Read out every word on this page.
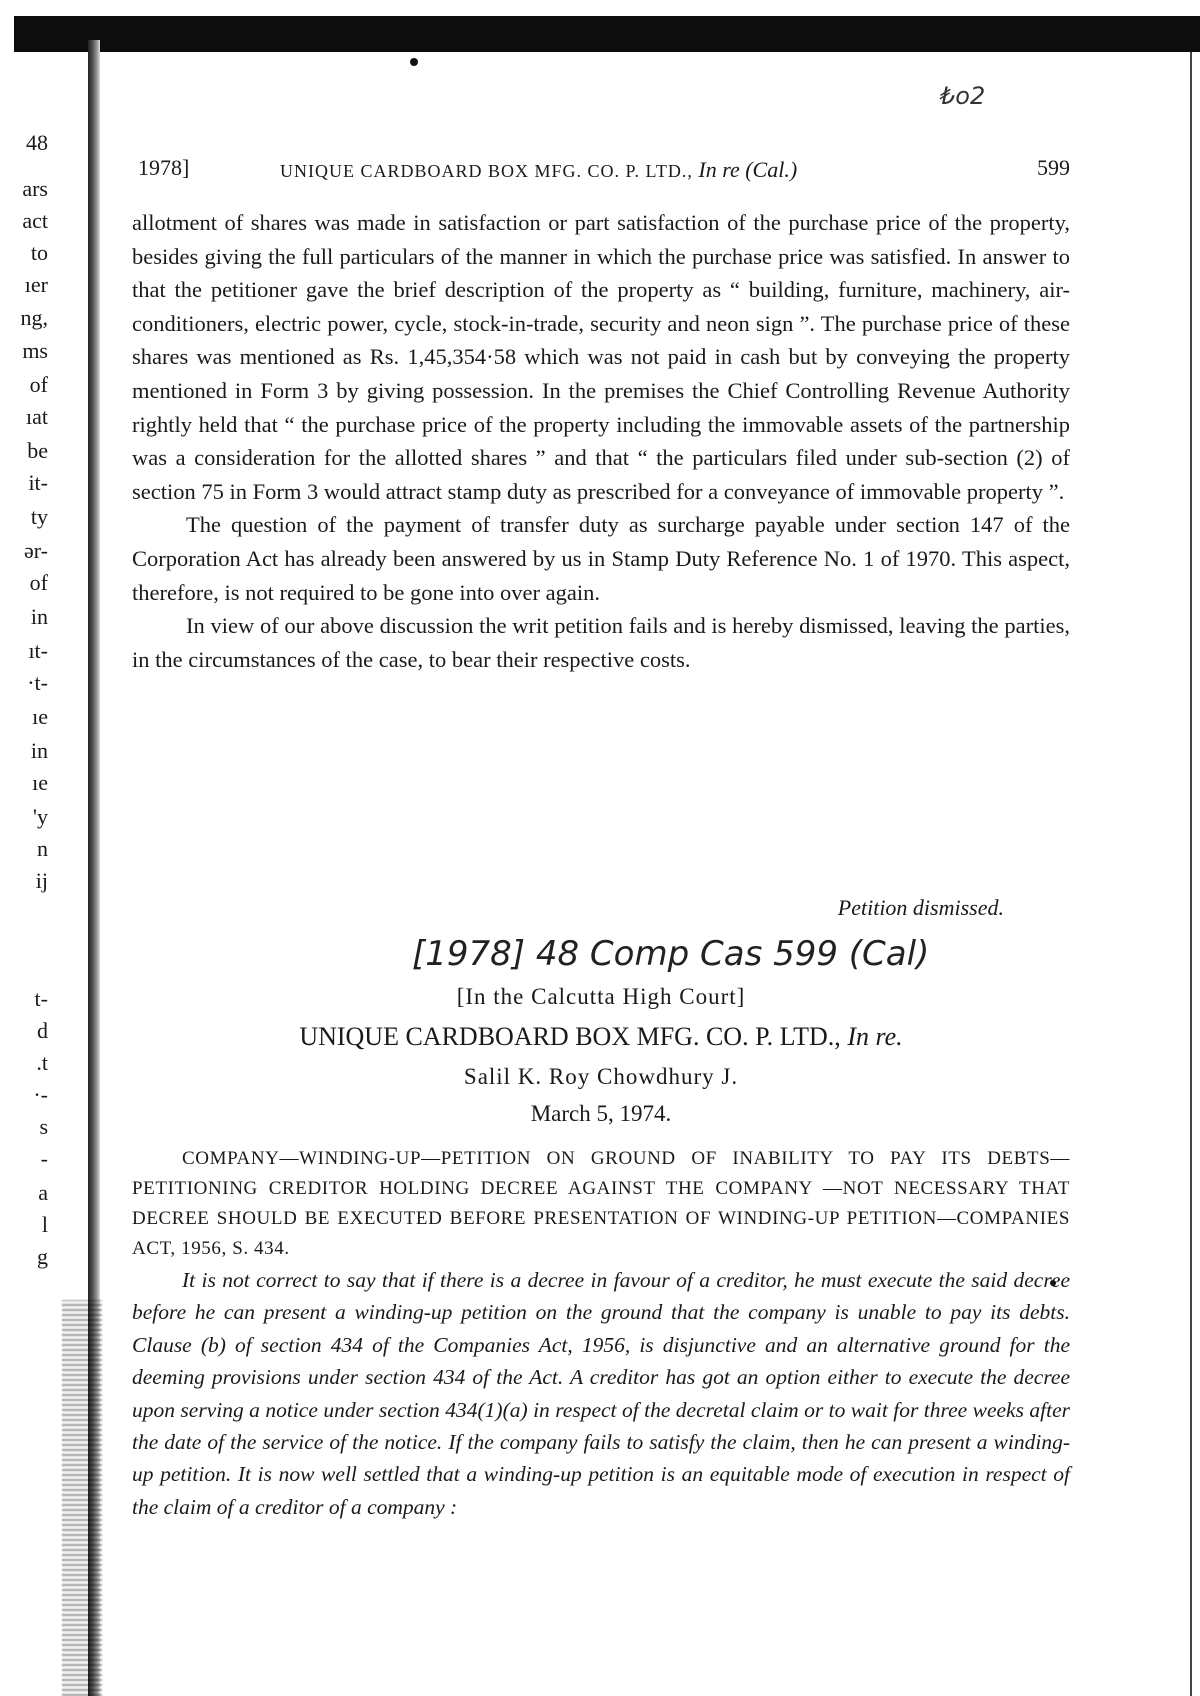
48
ars
act
to
ıer
ng,
ms
of
ıat
be
it-
ty
ər-
of
in
ıt-
·t-
ıe
in
ıe
'y
n
ij
t-
d
.t
·-
s
-
a
l
g
₺o2
1978]	UNIQUE CARDBOARD BOX MFG. CO. P. LTD., In re (Cal.)	599

allotment of shares was made in satisfaction or part satisfaction of the purchase price of the property, besides giving the full particulars of the manner in which the purchase price was satisfied. In answer to that the petitioner gave the brief description of the property as “ building, furniture, machinery, air-conditioners, electric power, cycle, stock-in-trade, security and neon sign ”. The purchase price of these shares was mentioned as Rs. 1,45,354·58 which was not paid in cash but by conveying the property mentioned in Form 3 by giving possession. In the premises the Chief Controlling Revenue Authority rightly held that “ the purchase price of the property including the immovable assets of the partnership was a consideration for the allotted shares ” and that “ the particulars filed under sub-section (2) of section 75 in Form 3 would attract stamp duty as prescribed for a conveyance of immovable property ”.

The question of the payment of transfer duty as surcharge payable under section 147 of the Corporation Act has already been answered by us in Stamp Duty Reference No. 1 of 1970. This aspect, therefore, is not required to be gone into over again.

In view of our above discussion the writ petition fails and is hereby dismissed, leaving the parties, in the circumstances of the case, to bear their respective costs.

Petition dismissed.
[1978] 48 Comp Cas 599 (Cal)
[In the Calcutta High Court]
UNIQUE CARDBOARD BOX MFG. CO. P. LTD., In re.
Salil K. Roy Chowdhury J.
March 5, 1974.

COMPANY—WINDING-UP—PETITION ON GROUND OF INABILITY TO PAY ITS DEBTS—PETITIONING CREDITOR HOLDING DECREE AGAINST THE COMPANY —NOT NECESSARY THAT DECREE SHOULD BE EXECUTED BEFORE PRESENTATION OF WINDING-UP PETITION—COMPANIES ACT, 1956, S. 434.

It is not correct to say that if there is a decree in favour of a creditor, he must execute the said decree before he can present a winding-up petition on the ground that the company is unable to pay its debts. Clause (b) of section 434 of the Companies Act, 1956, is disjunctive and an alternative ground for the deeming provisions under section 434 of the Act. A creditor has got an option either to execute the decree upon serving a notice under section 434(1)(a) in respect of the decretal claim or to wait for three weeks after the date of the service of the notice. If the company fails to satisfy the claim, then he can present a winding-up petition. It is now well settled that a winding-up petition is an equitable mode of execution in respect of the claim of a creditor of a company :
